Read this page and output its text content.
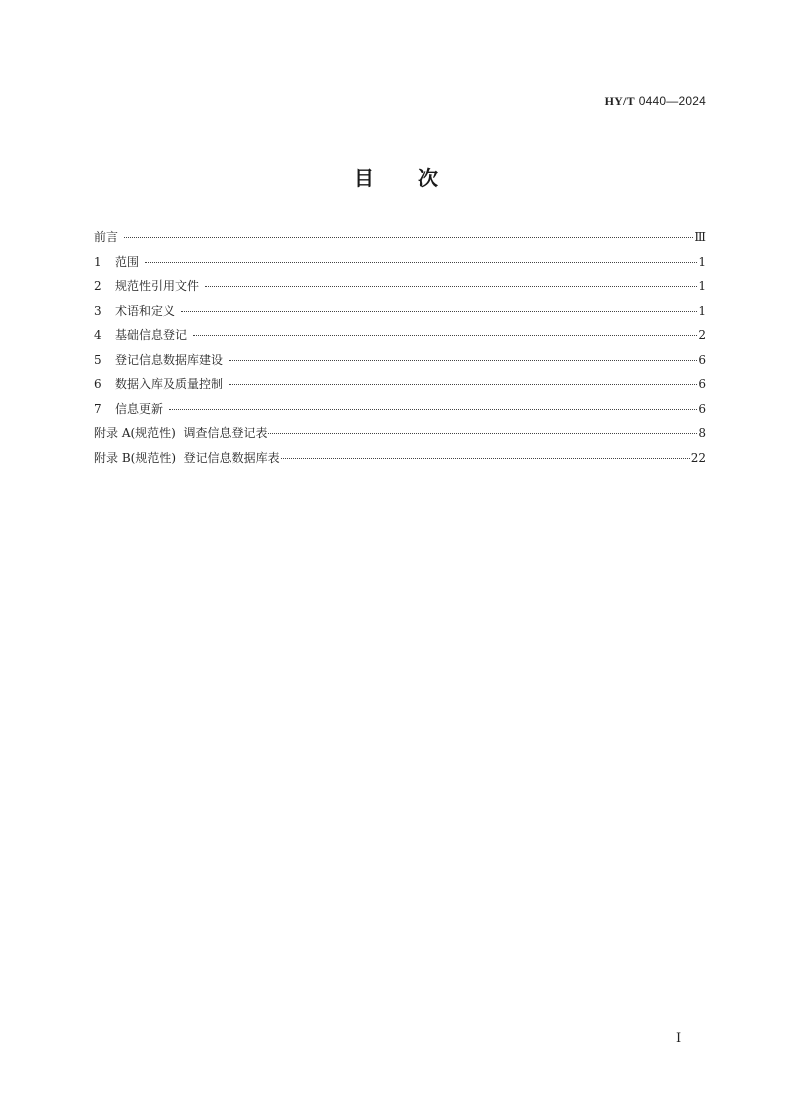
HY/T 0440—2024
目次
前言	Ⅲ
1 范围	1
2 规范性引用文件	1
3 术语和定义	1
4 基础信息登记	2
5 登记信息数据库建设	6
6 数据入库及质量控制	6
7 信息更新	6
附录 A(规范性)  调查信息登记表	8
附录 B(规范性)  登记信息数据库表	22
I
